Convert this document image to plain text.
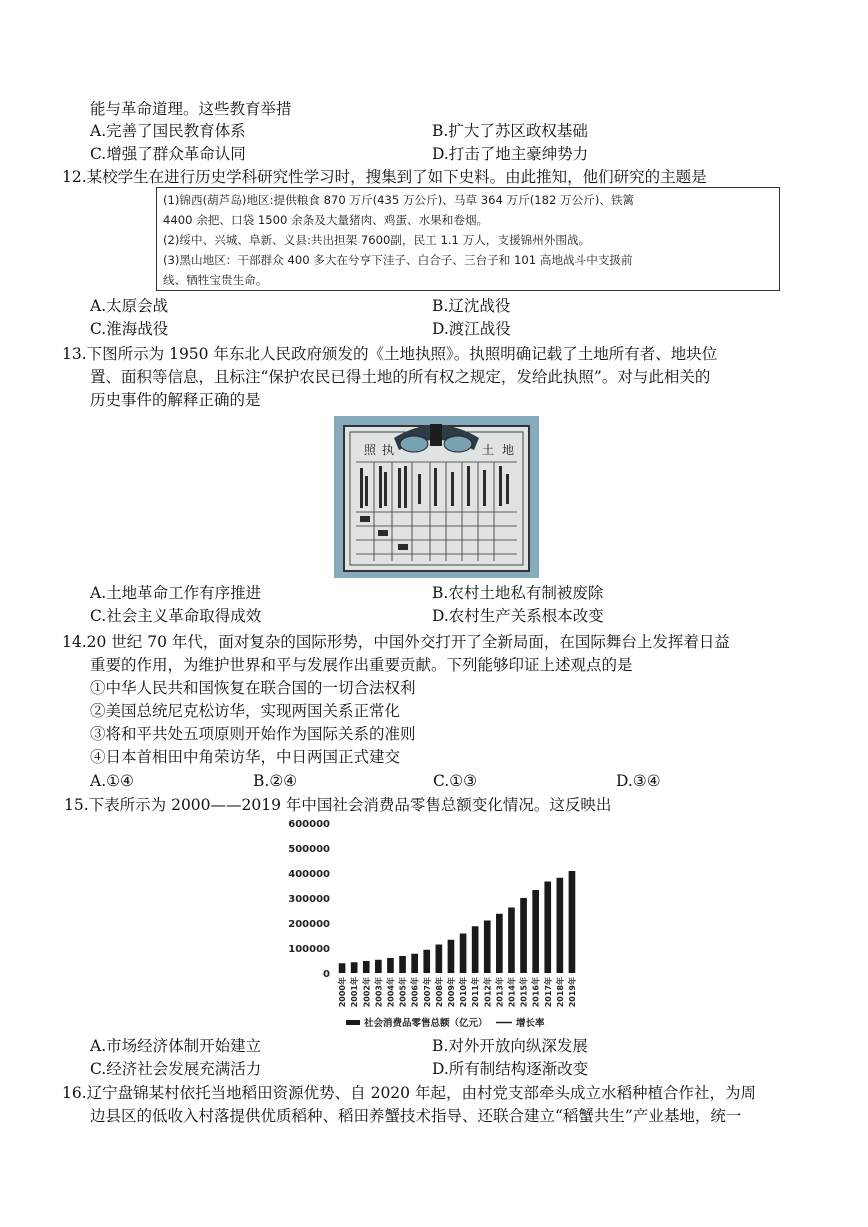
能与革命道理。这些教育举措
A.完善了国民教育体系	B.扩大了苏区政权基础
C.增强了群众革命认同	D.打击了地主豪绅势力
12.某校学生在进行历史学科研究性学习时，搜集到了如下史料。由此推知，他们研究的主题是
(1)锦西(葫芦岛)地区:提供粮食 870 万斤(435 万公斤)、马草 364 万斤(182 万公斤)、铁篱
4400 余把、口袋 1500 余条及大量猪肉、鸡蛋、水果和卷烟。
(2)绥中、兴城、阜新、义县:共出担架 7600副，民工 1.1 万人，支援锦州外围战。
(3)黑山地区：干部群众 400 多大在兮亨下洼子、白合子、三台子和 101 高地战斗中支扱前
线、牺牲宝贵生命。
A.太原会战	B.辽沈战役
C.淮海战役	D.渡江战役
13.下图所示为 1950 年东北人民政府颁发的《土地执照》。执照明确记载了土地所有者、地块位
置、面积等信息，且标注“保护农民已得土地的所有权之规定，发给此执照”。对与此相关的
历史事件的解释正确的是
土 地
照 执
A.土地革命工作有序推进	B.农村土地私有制被废除
C.社会主义革命取得成效	D.农村生产关系根本改变
14.20 世纪 70 年代，面对复杂的国际形势，中国外交打开了全新局面，在国际舞台上发挥着日益
重要的作用，为维护世界和平与发展作出重要贡献。下列能够印证上述观点的是
①中华人民共和国恢复在联合国的一切合法权利
②美国总统尼克松访华，实现两国关系正常化
③将和平共处五项原则开始作为国际关系的准则
④日本首相田中角荣访华，中日两国正式建交
A.①④	B.②④	C.①③	D.③④
15.下表所示为 2000——2019 年中国社会消费品零售总额变化情况。这反映出
600000
500000
400000
300000
200000
100000
0
2000年 2001年 2002年 2003年 2004年 2005年 2006年 2007年 2008年 2009年 2010年 2011年 2012年 2013年 2014年 2015年 2016年 2017年 2018年 2019年
社会消费品零售总额（亿元）	增长率
A.市场经济体制开始建立	B.对外开放向纵深发展
C.经济社会发展充满活力	D.所有制结构逐渐改变
16.辽宁盘锦某村依托当地稻田资源优势、自 2020 年起，由村党支部牵头成立水稻种植合作社，为周
边县区的低收入村落提供优质稻种、稻田养蟹技术指导、还联合建立“稻蟹共生”产业基地，统一
